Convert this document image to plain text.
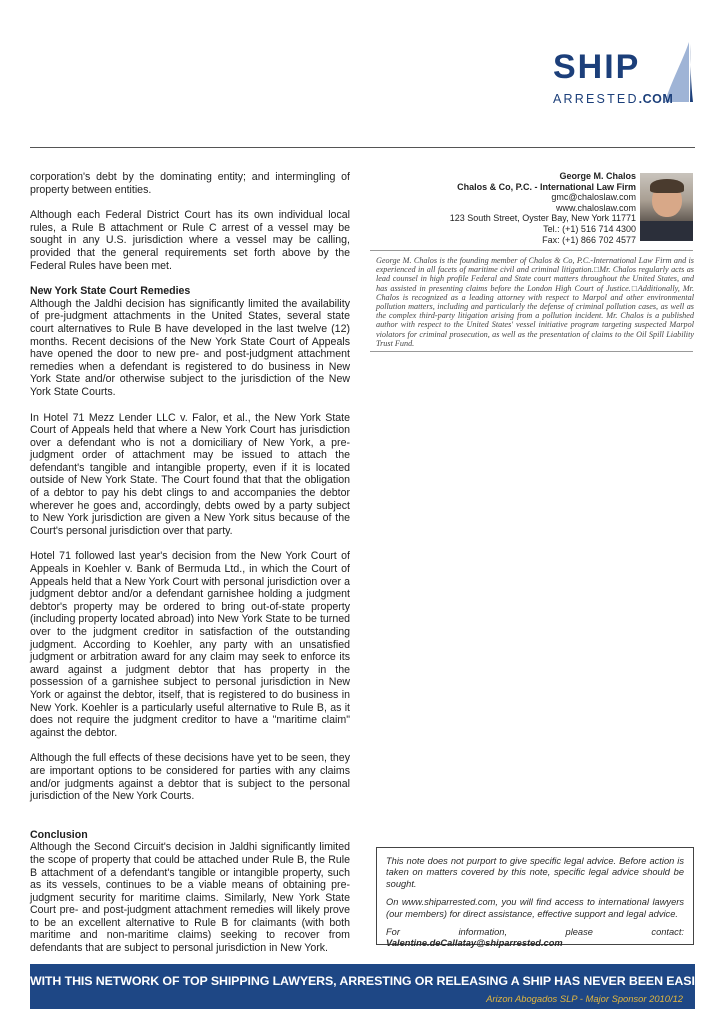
SHIP
ARRESTED.COM

corporation's debt by the dominating entity; and intermingling of property between entities.

Although each Federal District Court has its own individual local rules, a Rule B attachment or Rule C arrest of a vessel may be sought in any U.S. jurisdiction where a vessel may be calling, provided that the general requirements set forth above by the Federal Rules have been met.

New York State Court Remedies

Although the Jaldhi decision has significantly limited the availability of pre-judgment attachments in the United States, several state court alternatives to Rule B have developed in the last twelve (12) months. Recent decisions of the New York State Court of Appeals have opened the door to new pre- and post-judgment attachment remedies when a defendant is registered to do business in New York State and/or otherwise subject to the jurisdiction of the New York State Courts.

In Hotel 71 Mezz Lender LLC v. Falor, et al., the New York State Court of Appeals held that where a New York Court has jurisdiction over a defendant who is not a domiciliary of New York, a pre-judgment order of attachment may be issued to attach the defendant's tangible and intangible property, even if it is located outside of New York State. The Court found that that the obligation of a debtor to pay his debt clings to and accompanies the debtor wherever he goes and, accordingly, debts owed by a party subject to New York jurisdiction are given a New York situs because of the Court's personal jurisdiction over that party.

Hotel 71 followed last year's decision from the New York Court of Appeals in Koehler v. Bank of Bermuda Ltd., in which the Court of Appeals held that a New York Court with personal jurisdiction over a judgment debtor and/or a defendant garnishee holding a judgment debtor's property may be ordered to bring out-of-state property (including property located abroad) into New York State to be turned over to the judgment creditor in satisfaction of the outstanding judgment. According to Koehler, any party with an unsatisfied judgment or arbitration award for any claim may seek to enforce its award against a judgment debtor that has property in the possession of a garnishee subject to personal jurisdiction in New York or against the debtor, itself, that is registered to do business in New York. Koehler is a particularly useful alternative to Rule B, as it does not require the judgment creditor to have a "maritime claim" against the debtor.

Although the full effects of these decisions have yet to be seen, they are important options to be considered for parties with any claims and/or judgments against a debtor that is subject to the personal jurisdiction of the New York Courts.

Conclusion

Although the Second Circuit's decision in Jaldhi significantly limited the scope of property that could be attached under Rule B, the Rule B attachment of a defendant's tangible or intangible property, such as its vessels, continues to be a viable means of obtaining pre-judgment security for maritime claims. Similarly, New York State Court pre- and post-judgment attachment remedies will likely prove to be an excellent alternative to Rule B for claimants (with both maritime and non-maritime claims) seeking to recover from defendants that are subject to personal jurisdiction in New York.

George M. Chalos
Chalos & Co, P.C. - International Law Firm
gmc@chaloslaw.com
www.chaloslaw.com
123 South Street, Oyster Bay, New York 11771
Tel.: (+1) 516 714 4300
Fax: (+1) 866 702 4577
George M. Chalos is the founding member of Chalos & Co, P.C.-International Law Firm and is experienced in all facets of maritime civil and criminal litigation.□Mr. Chalos regularly acts as lead counsel in high profile Federal and State court matters throughout the United States, and has assisted in presenting claims before the London High Court of Justice.□Additionally, Mr. Chalos is recognized as a leading attorney with respect to Marpol and other environmental pollution matters, including and particularly the defense of criminal pollution cases, as well as the complex third-party litigation arising from a pollution incident. Mr. Chalos is a published author with respect to the United States' vessel initiative program targeting suspected Marpol violators for criminal prosecution, as well as the presentation of claims to the Oil Spill Liability Trust Fund.

This note does not purport to give specific legal advice. Before action is taken on matters covered by this note, specific legal advice should be sought.

On www.shiparrested.com, you will find access to international lawyers (our members) for direct assistance, effective support and legal advice.

For information, please contact: Valentine.deCallatay@shiparrested.com

WITH THIS NETWORK OF TOP SHIPPING LAWYERS, ARRESTING OR RELEASING A SHIP HAS NEVER BEEN EASIER.
Arizon Abogados SLP - Major Sponsor 2010/12
